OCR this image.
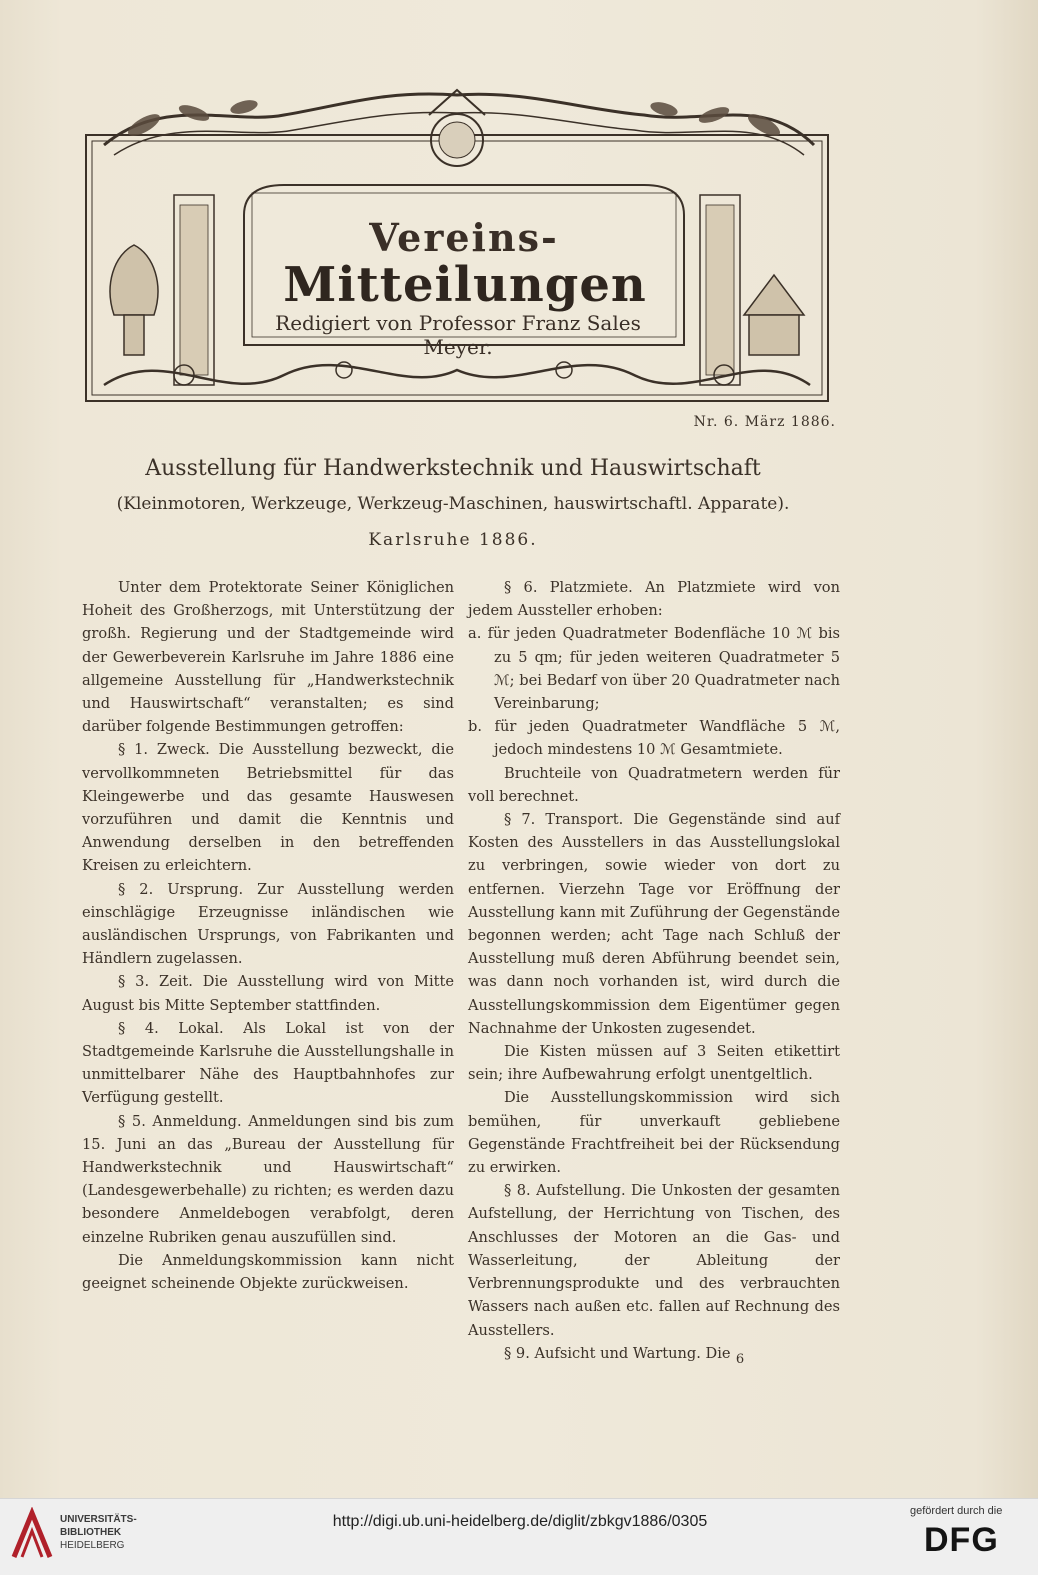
Vereins-
Mitteilungen
Redigiert von Professor Franz Sales Meyer.
Nr. 6. März 1886.
Ausstellung für Handwerkstechnik und Hauswirtschaft
(Kleinmotoren, Werkzeuge, Werkzeug-Maschinen, hauswirtschaftl. Apparate).
Karlsruhe 1886.

Unter dem Protektorate Seiner Königlichen Hoheit des Großherzogs, mit Unterstützung der großh. Regierung und der Stadtgemeinde wird der Gewerbeverein Karlsruhe im Jahre 1886 eine allgemeine Ausstellung für „Handwerkstechnik und Hauswirtschaft“ veranstalten; es sind darüber folgende Bestimmungen getroffen:

§ 1. Zweck. Die Ausstellung bezweckt, die vervollkommneten Betriebsmittel für das Kleingewerbe und das gesamte Hauswesen vorzuführen und damit die Kenntnis und Anwendung derselben in den betreffenden Kreisen zu erleichtern.

§ 2. Ursprung. Zur Ausstellung werden einschlägige Erzeugnisse inländischen wie ausländischen Ursprungs, von Fabrikanten und Händlern zugelassen.

§ 3. Zeit. Die Ausstellung wird von Mitte August bis Mitte September stattfinden.

§ 4. Lokal. Als Lokal ist von der Stadtgemeinde Karlsruhe die Ausstellungshalle in unmittelbarer Nähe des Hauptbahnhofes zur Verfügung gestellt.

§ 5. Anmeldung. Anmeldungen sind bis zum 15. Juni an das „Bureau der Ausstellung für Handwerkstechnik und Hauswirtschaft“ (Landesgewerbehalle) zu richten; es werden dazu besondere Anmeldebogen verabfolgt, deren einzelne Rubriken genau auszufüllen sind.

Die Anmeldungskommission kann nicht geeignet scheinende Objekte zurückweisen.

§ 6. Platzmiete. An Platzmiete wird von jedem Aussteller erhoben:

a. für jeden Quadratmeter Bodenfläche 10 ℳ bis zu 5 qm; für jeden weiteren Quadratmeter 5 ℳ; bei Bedarf von über 20 Quadratmeter nach Vereinbarung;

b. für jeden Quadratmeter Wandfläche 5 ℳ, jedoch mindestens 10 ℳ Gesamtmiete.

Bruchteile von Quadratmetern werden für voll berechnet.

§ 7. Transport. Die Gegenstände sind auf Kosten des Ausstellers in das Ausstellungslokal zu verbringen, sowie wieder von dort zu entfernen. Vierzehn Tage vor Eröffnung der Ausstellung kann mit Zuführung der Gegenstände begonnen werden; acht Tage nach Schluß der Ausstellung muß deren Abführung beendet sein, was dann noch vorhanden ist, wird durch die Ausstellungskommission dem Eigentümer gegen Nachnahme der Unkosten zugesendet.

Die Kisten müssen auf 3 Seiten etikettirt sein; ihre Aufbewahrung erfolgt unentgeltlich.

Die Ausstellungskommission wird sich bemühen, für unverkauft gebliebene Gegenstände Frachtfreiheit bei der Rücksendung zu erwirken.

§ 8. Aufstellung. Die Unkosten der gesamten Aufstellung, der Herrichtung von Tischen, des Anschlusses der Motoren an die Gas- und Wasserleitung, der Ableitung der Verbrennungsprodukte und des verbrauchten Wassers nach außen etc. fallen auf Rechnung des Ausstellers.

§ 9. Aufsicht und Wartung. Die 6
UNIVERSITÄTS-
BIBLIOTHEK
HEIDELBERG
http://digi.ub.uni-heidelberg.de/diglit/zbkgv1886/0305
gefördert durch die
DFG
